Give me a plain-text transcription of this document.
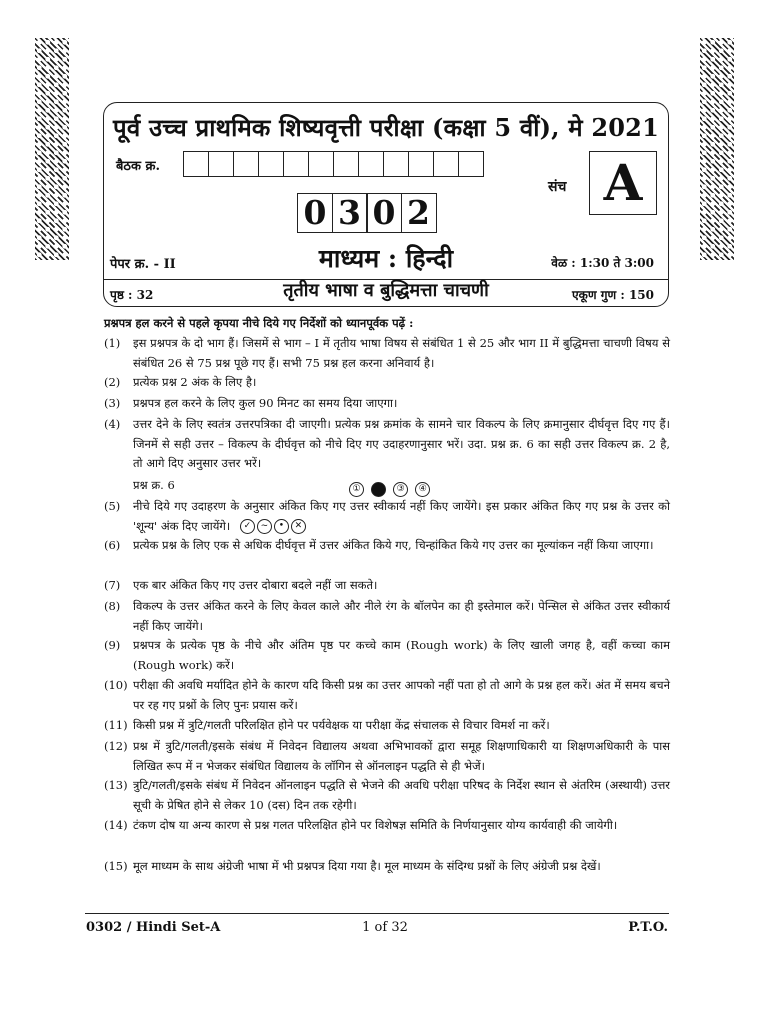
पूर्व उच्च प्राथमिक शिष्यवृत्ती परीक्षा (कक्षा 5 वीं), मे 2021
बैठक क्र.
संच A
0 3 0 2
पेपर क्र. - II	माध्यम : हिन्दी	वेळ : 1:30 ते 3:00
पृष्ठ : 32	तृतीय भाषा व बुद्धिमत्ता चाचणी	एकूण गुण : 150
प्रश्नपत्र हल करने से पहले कृपया नीचे दिये गए निर्देशों को ध्यानपूर्वक पढ़ें :
(1) इस प्रश्नपत्र के दो भाग हैं। जिसमें से भाग – I में तृतीय भाषा विषय से संबंधित 1 से 25 और भाग II में बुद्धिमत्ता चाचणी विषय से संबंधित 26 से 75 प्रश्न पूछे गए हैं। सभी 75 प्रश्न हल करना अनिवार्य है।
(2) प्रत्येक प्रश्न 2 अंक के लिए है।
(3) प्रश्नपत्र हल करने के लिए कुल 90 मिनट का समय दिया जाएगा।
(4) उत्तर देने के लिए स्वतंत्र उत्तरपत्रिका दी जाएगी। प्रत्येक प्रश्न क्रमांक के सामने चार विकल्प के लिए क्रमानुसार दीर्घवृत्त दिए गए हैं। जिनमें से सही उत्तर – विकल्प के दीर्घवृत्त को नीचे दिए गए उदाहरणानुसार भरें। उदा. प्रश्न क्र. 6 का सही उत्तर विकल्प क्र. 2 है, तो आगे दिए अनुसार उत्तर भरें।
प्रश्न क्र. 6	①	③ ④
(5) नीचे दिये गए उदाहरण के अनुसार अंकित किए गए उत्तर स्वीकार्य नहीं किए जायेंगे। इस प्रकार अंकित किए गए प्रश्न के उत्तर को 'शून्य' अंक दिए जायेंगे। ✓ ~ • ✕
(6) प्रत्येक प्रश्न के लिए एक से अधिक दीर्घवृत्त में उत्तर अंकित किये गए, चिन्हांकित किये गए उत्तर का मूल्यांकन नहीं किया जाएगा।
(7) एक बार अंकित किए गए उत्तर दोबारा बदले नहीं जा सकते।
(8) विकल्प के उत्तर अंकित करने के लिए केवल काले और नीले रंग के बॉलपेन का ही इस्तेमाल करें। पेन्सिल से अंकित उत्तर स्वीकार्य नहीं किए जायेंगे।
(9) प्रश्नपत्र के प्रत्येक पृष्ठ के नीचे और अंतिम पृष्ठ पर कच्चे काम (Rough work) के लिए खाली जगह है, वहीं कच्चा काम (Rough work) करें।
(10) परीक्षा की अवधि मर्यादित होने के कारण यदि किसी प्रश्न का उत्तर आपको नहीं पता हो तो आगे के प्रश्न हल करें। अंत में समय बचने पर रह गए प्रश्नों के लिए पुनः प्रयास करें।
(11) किसी प्रश्न में त्रुटि/गलती परिलक्षित होने पर पर्यवेक्षक या परीक्षा केंद्र संचालक से विचार विमर्श ना करें।
(12) प्रश्न में त्रुटि/गलती/इसके संबंध में निवेदन विद्यालय अथवा अभिभावकों द्वारा समूह शिक्षणाधिकारी या शिक्षणअधिकारी के पास लिखित रूप में न भेजकर संबंधित विद्यालय के लॉगिन से ऑनलाइन पद्धति से ही भेजें।
(13) त्रुटि/गलती/इसके संबंध में निवेदन ऑनलाइन पद्धति से भेजने की अवधि परीक्षा परिषद के निर्देश स्थान से अंतरिम (अस्थायी) उत्तर सूची के प्रेषित होने से लेकर 10 (दस) दिन तक रहेगी।
(14) टंकण दोष या अन्य कारण से प्रश्न गलत परिलक्षित होने पर विशेषज्ञ समिति के निर्णयानुसार योग्य कार्यवाही की जायेगी।
(15) मूल माध्यम के साथ अंग्रेजी भाषा में भी प्रश्नपत्र दिया गया है। मूल माध्यम के संदिग्ध प्रश्नों के लिए अंग्रेजी प्रश्न देखें।
0302 / Hindi Set-A	1 of 32	P.T.O.
